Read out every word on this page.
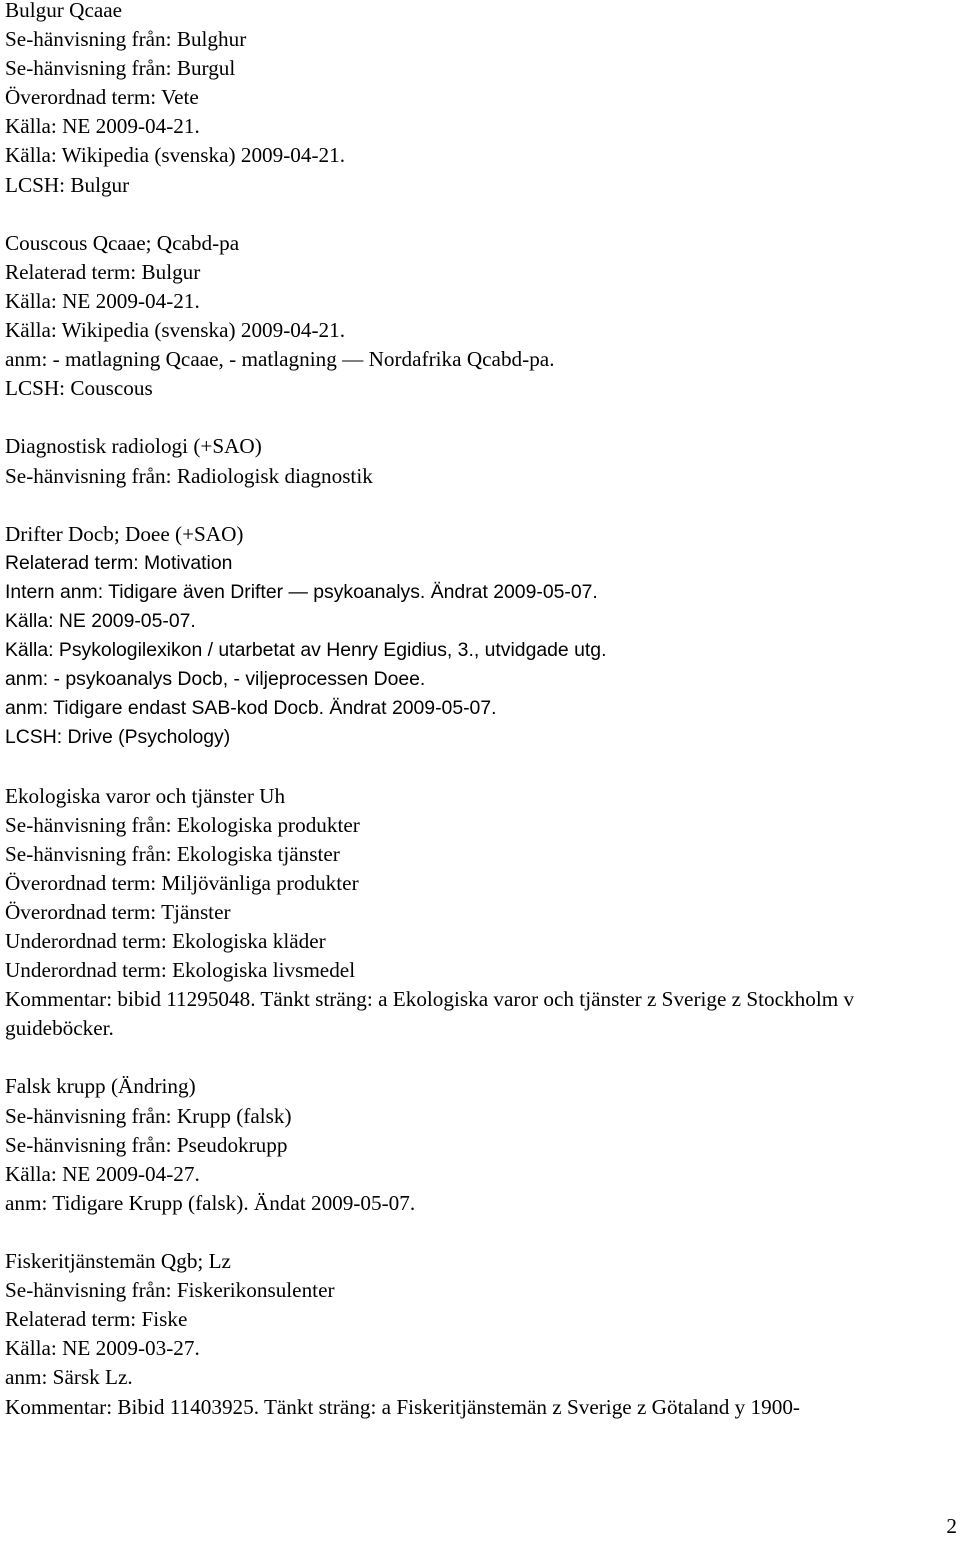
Bulgur Qcaae
Se-hänvisning från: Bulghur
Se-hänvisning från: Burgul
Överordnad term: Vete
Källa: NE 2009-04-21.
Källa: Wikipedia (svenska) 2009-04-21.
LCSH: Bulgur
Couscous Qcaae; Qcabd-pa
Relaterad term: Bulgur
Källa: NE 2009-04-21.
Källa: Wikipedia (svenska) 2009-04-21.
anm: - matlagning Qcaae, - matlagning — Nordafrika Qcabd-pa.
LCSH: Couscous
Diagnostisk radiologi (+SAO)
Se-hänvisning från: Radiologisk diagnostik
Drifter Docb; Doee (+SAO)
Relaterad term: Motivation
Intern anm: Tidigare även Drifter — psykoanalys. Ändrat 2009-05-07.
Källa: NE 2009-05-07.
Källa: Psykologilexikon / utarbetat av Henry Egidius, 3., utvidgade utg.
anm: - psykoanalys Docb, - viljeprocessen Doee.
anm: Tidigare endast SAB-kod Docb. Ändrat 2009-05-07.
LCSH: Drive (Psychology)
Ekologiska varor och tjänster Uh
Se-hänvisning från: Ekologiska produkter
Se-hänvisning från: Ekologiska tjänster
Överordnad term: Miljövänliga produkter
Överordnad term: Tjänster
Underordnad term: Ekologiska kläder
Underordnad term: Ekologiska livsmedel
Kommentar: bibid 11295048. Tänkt sträng: a Ekologiska varor och tjänster z Sverige z Stockholm v guideböcker.
Falsk krupp (Ändring)
Se-hänvisning från: Krupp (falsk)
Se-hänvisning från: Pseudokrupp
Källa: NE 2009-04-27.
anm: Tidigare Krupp (falsk). Ändat 2009-05-07.
Fiskeritjänstemän Qgb; Lz
Se-hänvisning från: Fiskerikonsulenter
Relaterad term: Fiske
Källa: NE 2009-03-27.
anm: Särsk Lz.
Kommentar: Bibid 11403925. Tänkt sträng: a Fiskeritjänstemän z Sverige z Götaland y 1900-
2
